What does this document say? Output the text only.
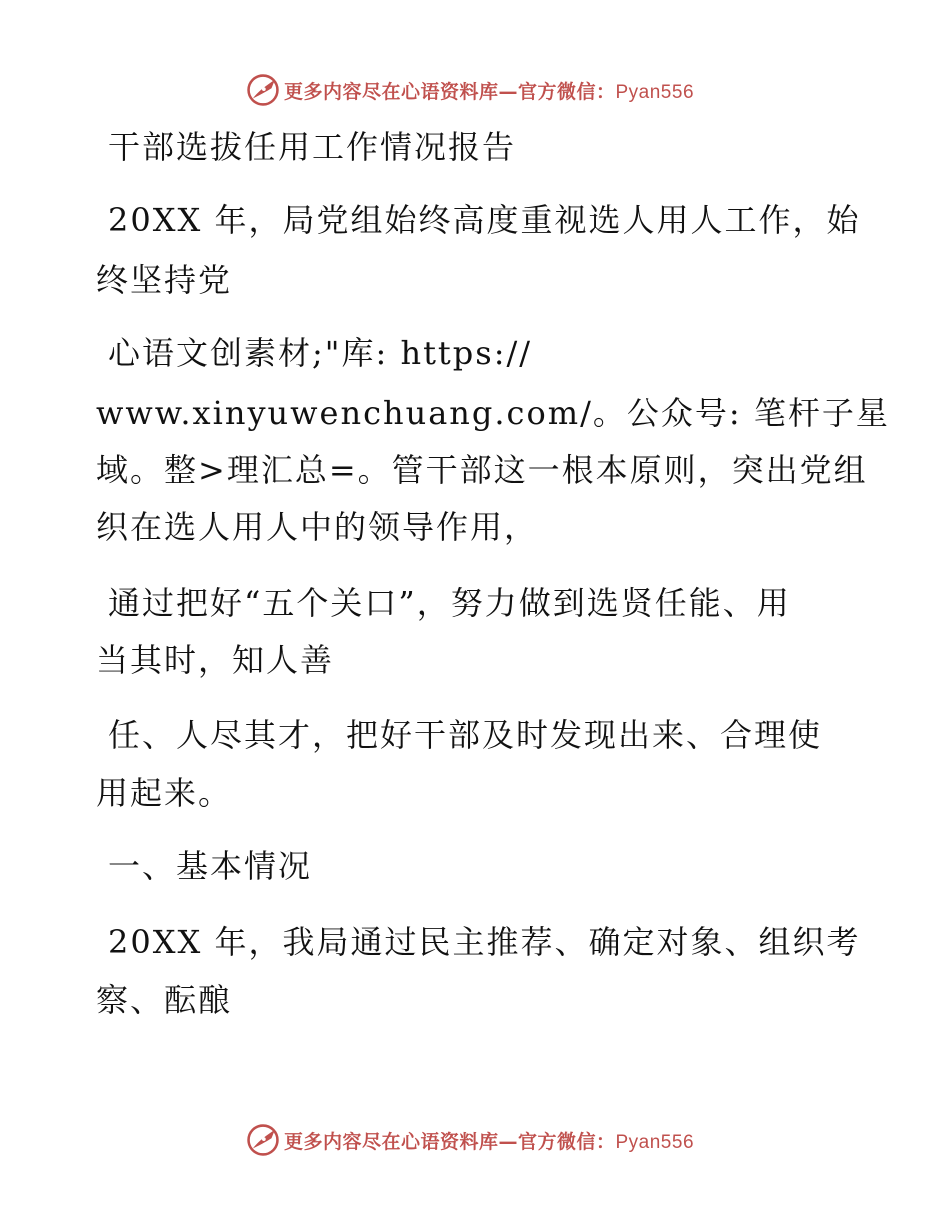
更多内容尽在心语资料库—官方微信：Pyan556
干部选拔任用工作情况报告
20XX 年，局党组始终高度重视选人用人工作，始
终坚持党
心语文创素材;"库: https://
www.xinyuwenchuang.com/。公众号: 笔杆子星
域。整>理汇总=。管干部这一根本原则，突出党组
织在选人用人中的领导作用，
通过把好“五个关口”，努力做到选贤任能、用
当其时，知人善
任、人尽其才，把好干部及时发现出来、合理使
用起来。
一、基本情况
20XX 年，我局通过民主推荐、确定对象、组织考
察、酝酿
更多内容尽在心语资料库—官方微信：Pyan556
